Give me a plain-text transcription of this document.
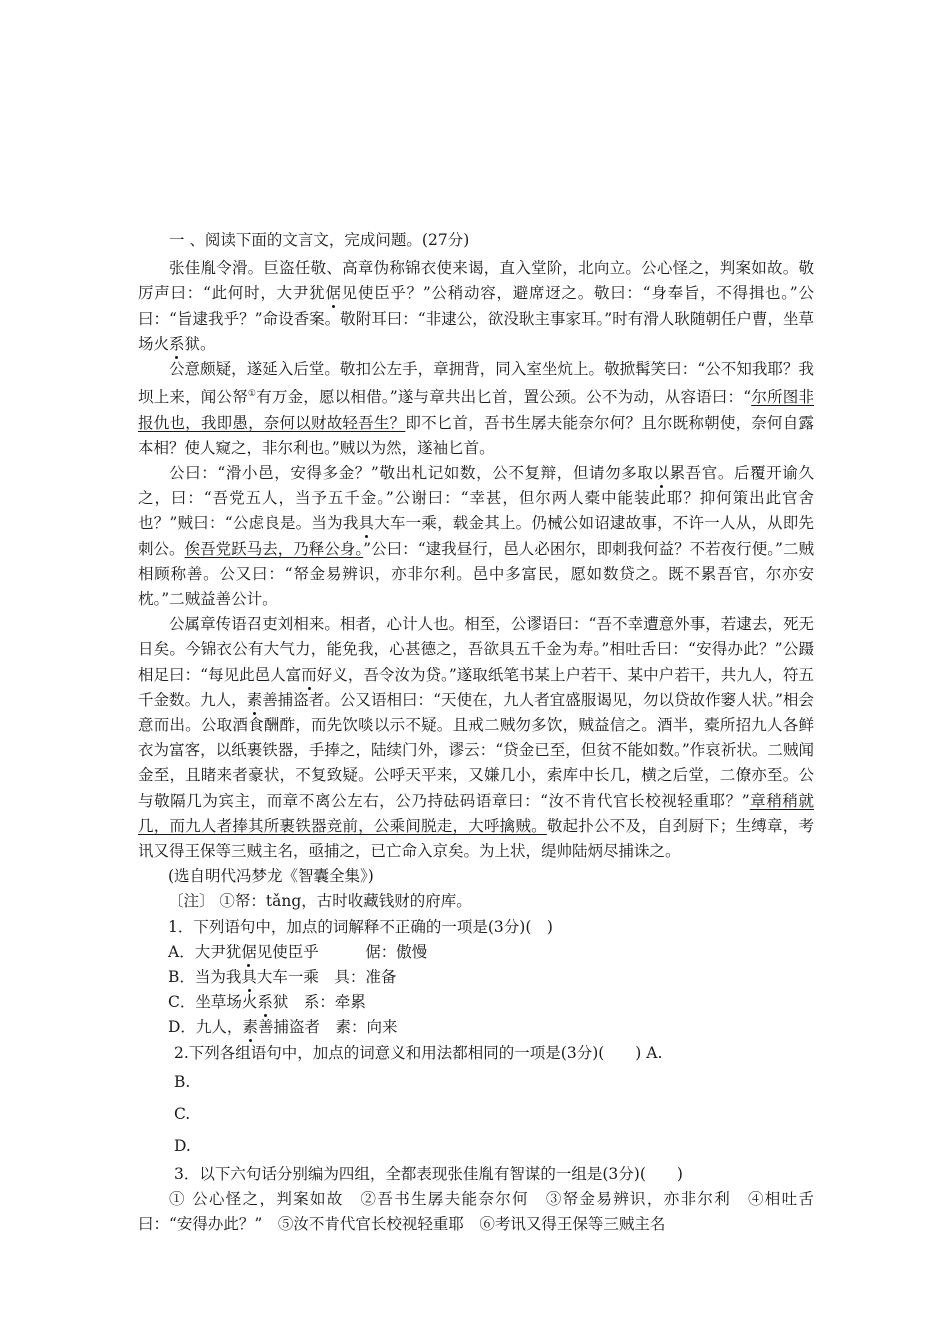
一 、阅读下面的文言文，完成问题。(27分)

张佳胤令滑。巨盗任敬、高章伪称锦衣使来谒，直入堂阶，北向立。公心怪之，判案如故。敬厉声曰：“此何时，大尹犹倨见使臣乎？”公稍动容，避席迓之。敬曰：“身奉旨，不得揖也。”公曰：“旨逮我乎？”命设香案。敬附耳曰：“非逮公，欲没耿主事家耳。”时有滑人耿随朝任户曹，坐草场火系狱。

公意颇疑，遂延入后堂。敬扣公左手，章拥背，同入室坐炕上。敬掀髯笑曰：“公不知我耶？我坝上来，闻公帑①有万金，愿以相借。”遂与章共出匕首，置公颈。公不为动，从容语曰：“尔所图非报仇也，我即愚，奈何以财故轻吾生？即不匕首，吾书生孱夫能奈尔何？且尔既称朝使，奈何自露本相？使人窥之，非尔利也。”贼以为然，遂袖匕首。

公曰：“滑小邑，安得多金？”敬出札记如数，公不复辩，但请勿多取以累吾官。后覆开谕久之，曰：“吾党五人，当予五千金。”公谢曰：“幸甚，但尔两人橐中能装此耶？抑何策出此官舍也？”贼曰：“公虑良是。当为我具大车一乘，载金其上。仍械公如诏逮故事，不许一人从，从即先刺公。俟吾党跃马去，乃释公身。”公曰：“逮我昼行，邑人必困尔，即刺我何益？不若夜行便。”二贼相顾称善。公又曰：“帑金易辨识，亦非尔利。邑中多富民，愿如数贷之。既不累吾官，尔亦安枕。”二贼益善公计。

公属章传语召吏刘相来。相者，心计人也。相至，公谬语曰：“吾不幸遭意外事，若逮去，死无日矣。今锦衣公有大气力，能免我，心甚德之，吾欲具五千金为寿。”相吐舌曰：“安得办此？”公蹑相足曰：“每见此邑人富而好义，吾令汝为贷。”遂取纸笔书某上户若干、某中户若干，共九人，符五千金数。九人，素善捕盗者。公又语相曰：“天使在，九人者宜盛服谒见，勿以贷故作窭人状。”相会意而出。公取酒食酬酢，而先饮啖以示不疑。且戒二贼勿多饮，贼益信之。酒半，橐所招九人各鲜衣为富客，以纸裹铁器，手捧之，陆续门外，谬云：“贷金已至，但贫不能如数。”作哀祈状。二贼闻金至，且睹来者豪状，不复致疑。公呼天平来，又嫌几小，索库中长几，横之后堂，二僚亦至。公与敬隔几为宾主，而章不离公左右，公乃持砝码语章曰：“汝不肯代官长校视轻重耶？”章稍稍就几，而九人者捧其所裹铁器竞前，公乘间脱走，大呼擒贼。敬起扑公不及，自刭厨下；生缚章，考讯又得王保等三贼主名，亟捕之，已亡命入京矣。为上状，缇帅陆炳尽捕诛之。

(选自明代冯梦龙《智囊全集》)

〔注〕 ①帑：tǎng，古时收藏钱财的府库。

1．下列语句中，加点的词解释不正确的一项是(3分)(　)

A．大尹犹倨见使臣乎　　　倨：傲慢

B．当为我具大车一乘　具：准备

C．坐草场火系狱　系：牵累

D．九人，素善捕盗者　素：向来

2.下列各组语句中，加点的词意义和用法都相同的一项是(3分)(　　) A.

B.

C.

D.

3．以下六句话分别编为四组，全都表现张佳胤有智谋的一组是(3分)(　　)

① 公心怪之，判案如故　②吾书生孱夫能奈尔何　③帑金易辨识，亦非尔利　④相吐舌曰：“安得办此？”　⑤汝不肯代官长校视轻重耶　⑥考讯又得王保等三贼主名
